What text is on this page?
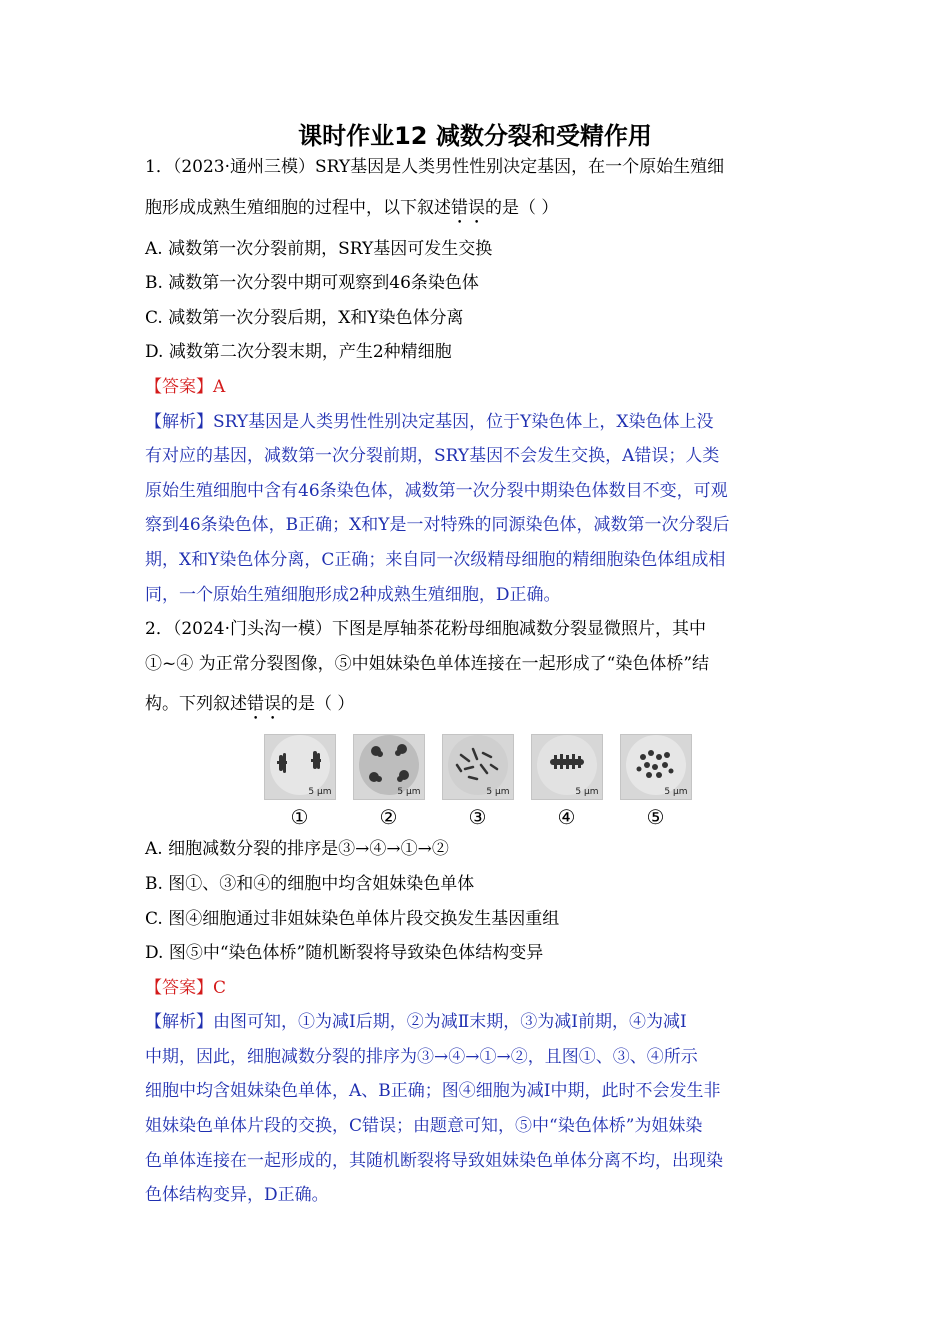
课时作业12 减数分裂和受精作用

1．（2023·通州三模）SRY基因是人类男性性别决定基因，在一个原始生殖细

胞形成成熟生殖细胞的过程中，以下叙述错误的是（ ）

A. 减数第一次分裂前期，SRY基因可发生交换

B. 减数第一次分裂中期可观察到46条染色体

C. 减数第一次分裂后期，X和Y染色体分离

D. 减数第二次分裂末期，产生2种精细胞

【答案】A

【解析】SRY基因是人类男性性别决定基因，位于Y染色体上，X染色体上没

有对应的基因，减数第一次分裂前期，SRY基因不会发生交换，A错误；人类

原始生殖细胞中含有46条染色体，减数第一次分裂中期染色体数目不变，可观

察到46条染色体，B正确；X和Y是一对特殊的同源染色体，减数第一次分裂后

期，X和Y染色体分离，C正确；来自同一次级精母细胞的精细胞染色体组成相

同，一个原始生殖细胞形成2种成熟生殖细胞，D正确。

2．（2024·门头沟一模）下图是厚轴茶花粉母细胞减数分裂显微照片，其中

①~④ 为正常分裂图像，⑤中姐妹染色单体连接在一起形成了“染色体桥”结

构。下列叙述错误的是（ ）

5 μm
①
5 μm
②
5 μm
③
5 μm
④
5 μm
⑤

A. 细胞减数分裂的排序是③→④→①→②

B. 图①、③和④的细胞中均含姐妹染色单体

C. 图④细胞通过非姐妹染色单体片段交换发生基因重组

D. 图⑤中“染色体桥”随机断裂将导致染色体结构变异

【答案】C

【解析】由图可知，①为减Ⅰ后期，②为减Ⅱ末期，③为减Ⅰ前期，④为减Ⅰ

中期，因此，细胞减数分裂的排序为③→④→①→②，且图①、③、④所示

细胞中均含姐妹染色单体，A、B正确；图④细胞为减Ⅰ中期，此时不会发生非

姐妹染色单体片段的交换，C错误；由题意可知，⑤中“染色体桥”为姐妹染

色单体连接在一起形成的，其随机断裂将导致姐妹染色单体分离不均，出现染

色体结构变异，D正确。
